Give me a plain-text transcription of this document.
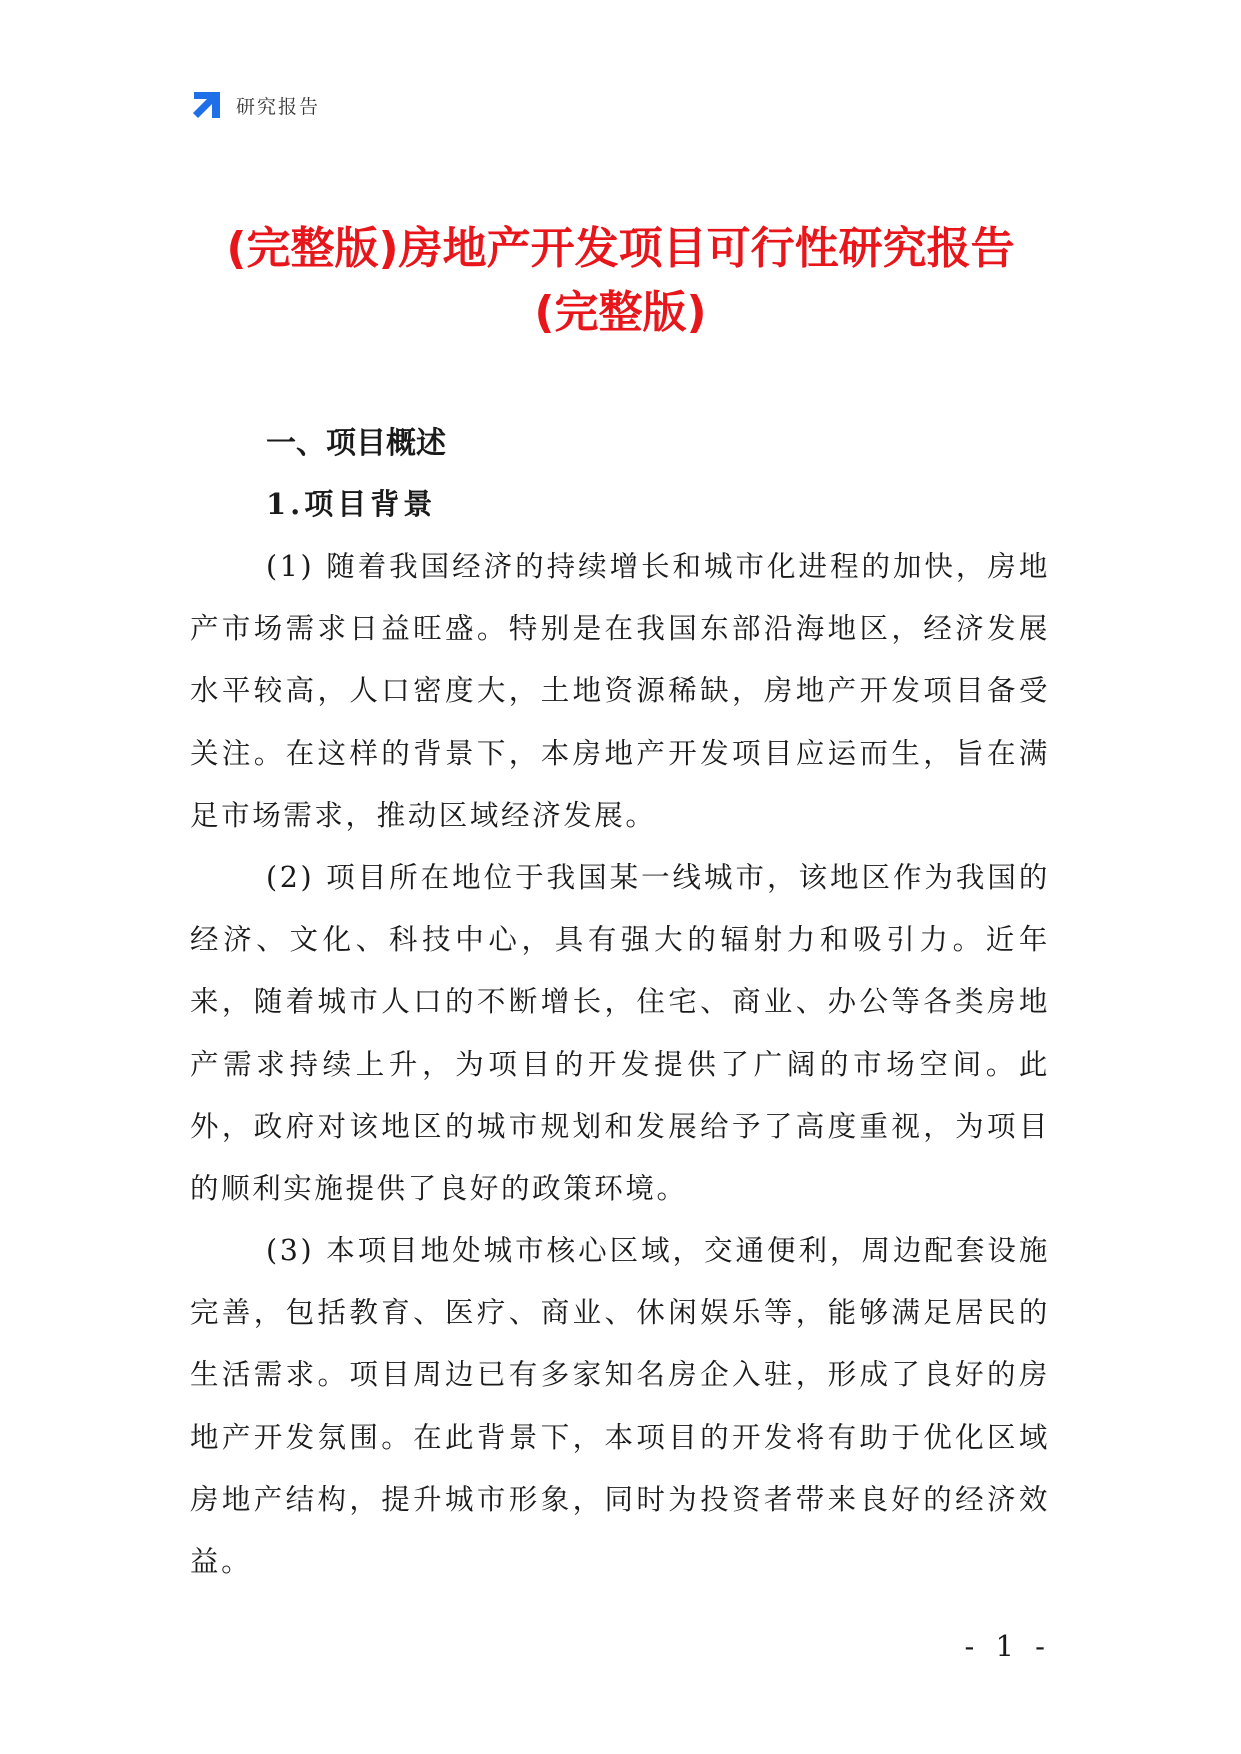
研究报告
(完整版)房地产开发项目可行性研究报告
(完整版)
一、项目概述
1.项目背景

(1) 随着我国经济的持续增长和城市化进程的加快，房地产市场需求日益旺盛。特别是在我国东部沿海地区，经济发展水平较高，人口密度大，土地资源稀缺，房地产开发项目备受关注。在这样的背景下，本房地产开发项目应运而生，旨在满足市场需求，推动区域经济发展。

(2) 项目所在地位于我国某一线城市，该地区作为我国的经济、文化、科技中心，具有强大的辐射力和吸引力。近年来，随着城市人口的不断增长，住宅、商业、办公等各类房地产需求持续上升，为项目的开发提供了广阔的市场空间。此外，政府对该地区的城市规划和发展给予了高度重视，为项目的顺利实施提供了良好的政策环境。

(3) 本项目地处城市核心区域，交通便利，周边配套设施完善，包括教育、医疗、商业、休闲娱乐等，能够满足居民的生活需求。项目周边已有多家知名房企入驻，形成了良好的房地产开发氛围。在此背景下，本项目的开发将有助于优化区域房地产结构，提升城市形象，同时为投资者带来良好的经济效益。

- 1 -
